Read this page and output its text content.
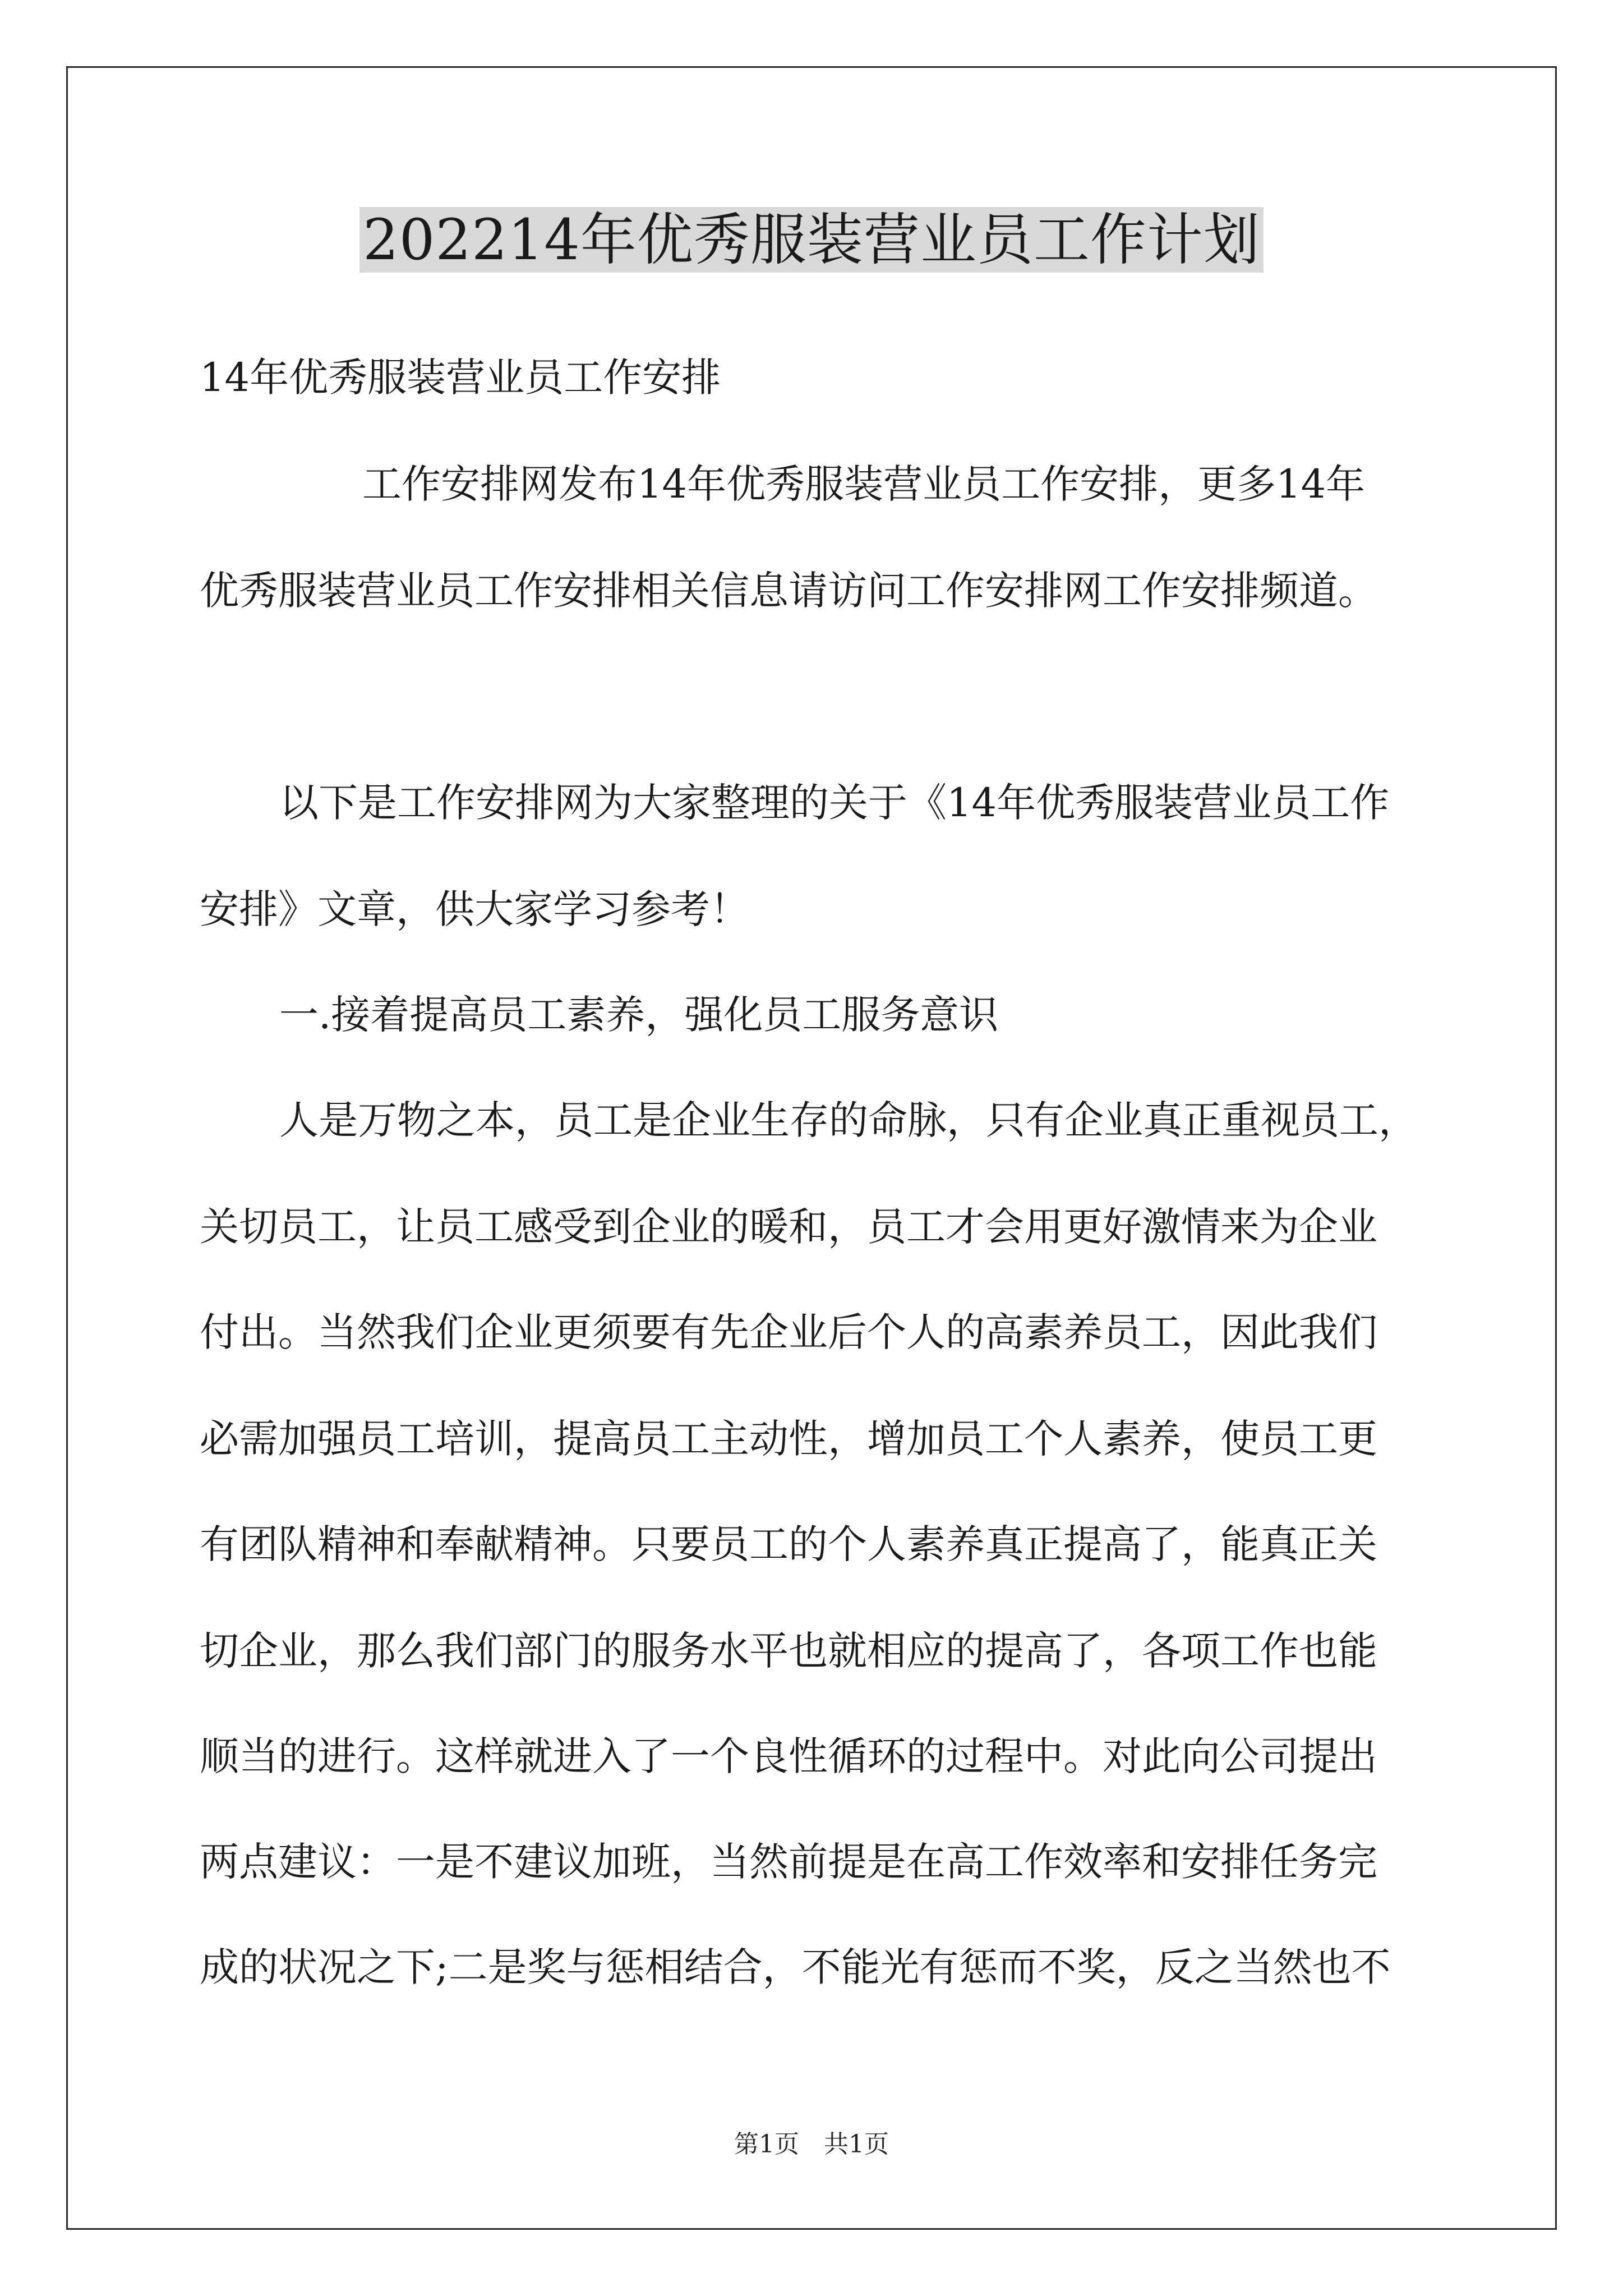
202214年优秀服装营业员工作计划
14年优秀服装营业员工作安排
工作安排网发布14年优秀服装营业员工作安排，更多14年
优秀服装营业员工作安排相关信息请访问工作安排网工作安排频道。
以下是工作安排网为大家整理的关于《14年优秀服装营业员工作
安排》文章，供大家学习参考！
一.接着提高员工素养，强化员工服务意识
人是万物之本，员工是企业生存的命脉，只有企业真正重视员工，
关切员工，让员工感受到企业的暖和，员工才会用更好激情来为企业
付出。当然我们企业更须要有先企业后个人的高素养员工，因此我们
必需加强员工培训，提高员工主动性，增加员工个人素养，使员工更
有团队精神和奉献精神。只要员工的个人素养真正提高了，能真正关
切企业，那么我们部门的服务水平也就相应的提高了，各项工作也能
顺当的进行。这样就进入了一个良性循环的过程中。对此向公司提出
两点建议：一是不建议加班，当然前提是在高工作效率和安排任务完
成的状况之下;二是奖与惩相结合，不能光有惩而不奖，反之当然也不
第1页　共1页
